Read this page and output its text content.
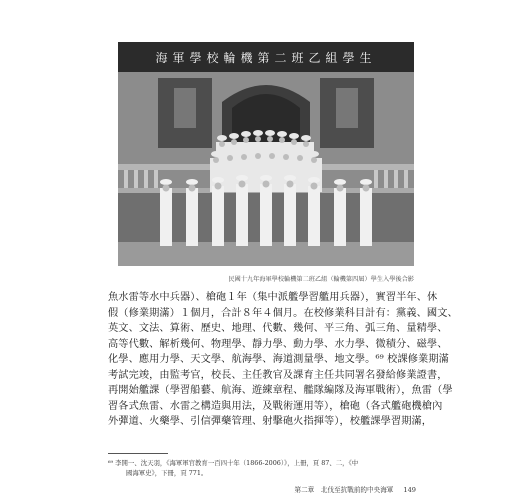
海軍學校輪機第二班乙組學生
民國十九年海軍學校輪機第二班乙組（輪機第四屆）學生入學後合影
魚水雷等水中兵器）、槍砲１年（集中派艦學習艦用兵器），實習半年、休
假（修業期滿）１個月，合計８年４個月。在校修業科目計有：黨義、國文、
英文、文法、算術、歷史、地理、代數、幾何、平三角、弧三角、量精學、
高等代數、解析幾何、物理學、靜力學、動力學、水力學、微積分、磁學、
化學、應用力學、天文學、航海學、海道測量學、地文學。⁶⁹ 校課修業期滿
考試完竣，由監考官，校長、主任教官及課育主任共同署名發給修業證書，
再開始艦課（學習船藝、航海、遊練章程、艦隊編隊及海軍戰術），魚雷（學
習各式魚雷、水雷之構造與用法，及戰術運用等），槍砲（各式艦砲機槍內
外彈道、火藥學、引信彈藥管理、射擊砲火指揮等），校艦課學習期滿，
⁶⁹ 李開一、沈天羽，《海軍軍官教育一百四十年（1866-2006）》，上冊，頁 87、二，《中
國海軍史》，下冊，頁 771。
第二章　北伐至抗戰前的中央海軍 149
